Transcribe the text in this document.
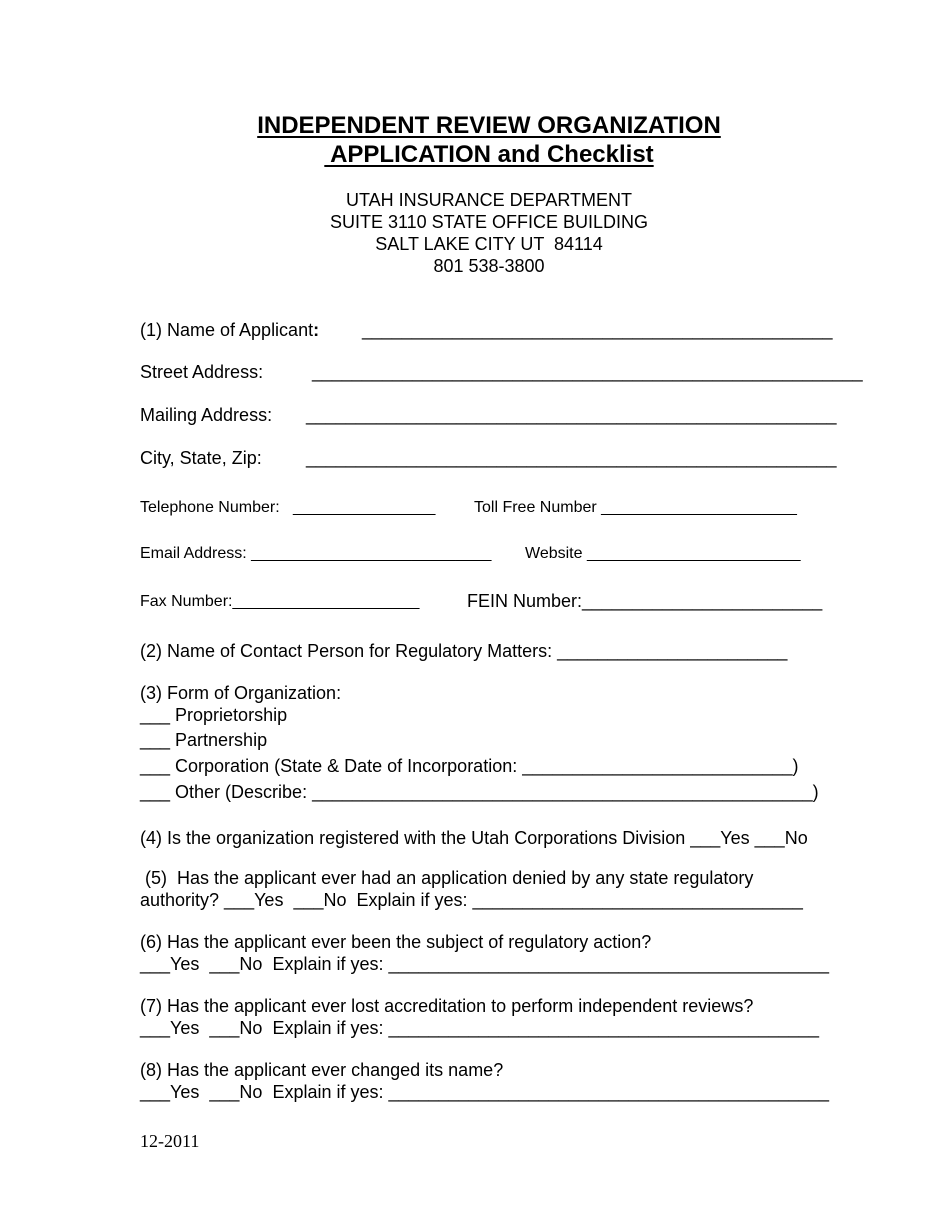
INDEPENDENT REVIEW ORGANIZATION
APPLICATION and Checklist
UTAH INSURANCE DEPARTMENT
SUITE 3110 STATE OFFICE BUILDING
SALT LAKE CITY UT  84114
801 538-3800
(1) Name of Applicant: _______________________________________________
Street Address:	_______________________________________________________
Mailing Address: _____________________________________________________
City, State, Zip: _____________________________________________________
Telephone Number:   ________________ Toll Free Number ______________________
Email Address: ___________________________ Website ________________________
Fax Number:_____________________	FEIN Number:________________________
(2) Name of Contact Person for Regulatory Matters: _______________________
(3) Form of Organization:
___ Proprietorship
___ Partnership
___ Corporation (State & Date of Incorporation: ___________________________)
___ Other (Describe: __________________________________________________)
(4) Is the organization registered with the Utah Corporations Division ___Yes ___No
(5)  Has the applicant ever had an application denied by any state regulatory
authority? ___Yes  ___No  Explain if yes: _________________________________
(6) Has the applicant ever been the subject of regulatory action?
___Yes  ___No  Explain if yes: ____________________________________________
(7) Has the applicant ever lost accreditation to perform independent reviews?
___Yes  ___No  Explain if yes: ___________________________________________
(8) Has the applicant ever changed its name?
___Yes  ___No  Explain if yes: ____________________________________________
12-2011
